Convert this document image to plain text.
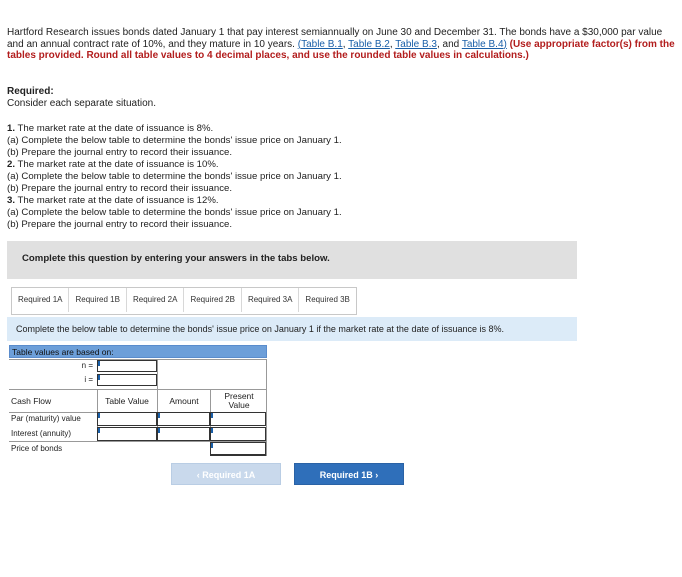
Hartford Research issues bonds dated January 1 that pay interest semiannually on June 30 and December 31. The bonds have a $30,000 par value and an annual contract rate of 10%, and they mature in 10 years. (Table B.1, Table B.2, Table B.3, and Table B.4) (Use appropriate factor(s) from the tables provided. Round all table values to 4 decimal places, and use the rounded table values in calculations.)
Required:
Consider each separate situation.
1. The market rate at the date of issuance is 8%.
(a) Complete the below table to determine the bonds' issue price on January 1.
(b) Prepare the journal entry to record their issuance.
2. The market rate at the date of issuance is 10%.
(a) Complete the below table to determine the bonds' issue price on January 1.
(b) Prepare the journal entry to record their issuance.
3. The market rate at the date of issuance is 12%.
(a) Complete the below table to determine the bonds' issue price on January 1.
(b) Prepare the journal entry to record their issuance.
Complete this question by entering your answers in the tabs below.
Required 1A	Required 1B	Required 2A	Required 2B	Required 3A	Required 3B
Complete the below table to determine the bonds' issue price on January 1 if the market rate at the date of issuance is 8%.
Table values are based on:
n =
i =
Cash Flow	Table Value	Amount	Present Value
Par (maturity) value
Interest (annuity)
Price of bonds
‹ Required 1A	Required 1B ›
